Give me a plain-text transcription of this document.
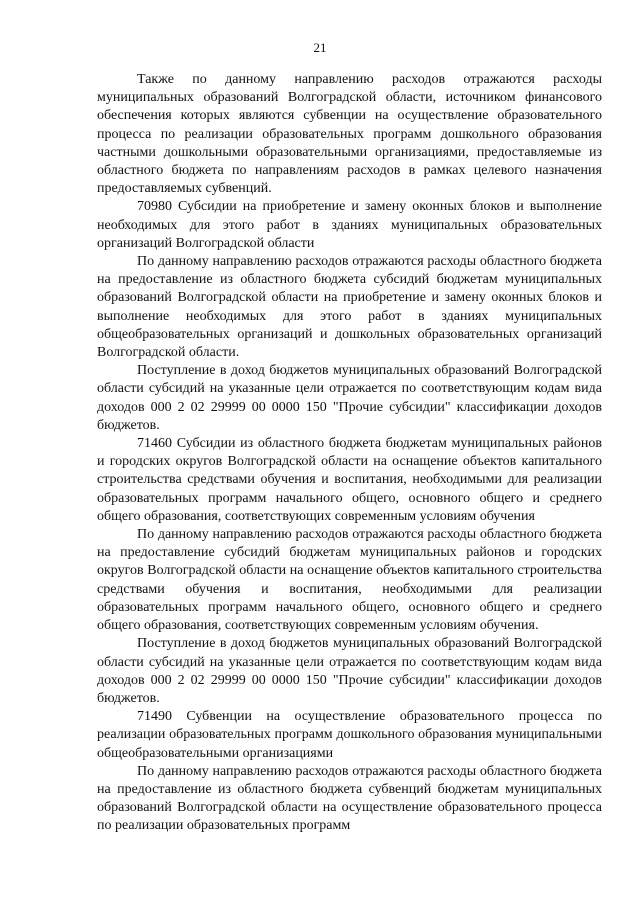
21

Также по данному направлению расходов отражаются расходы муниципальных образований Волгоградской области, источником финансового обеспечения которых являются субвенции на осуществление образовательного процесса по реализации образовательных программ дошкольного образования частными дошкольными образовательными организациями, предоставляемые из областного бюджета по направлениям расходов в рамках целевого назначения предоставляемых субвенций.

70980 Субсидии на приобретение и замену оконных блоков и выполнение необходимых для этого работ в зданиях муниципальных образовательных организаций Волгоградской области

По данному направлению расходов отражаются расходы областного бюджета на предоставление из областного бюджета субсидий бюджетам муниципальных образований Волгоградской области на приобретение и замену оконных блоков и выполнение необходимых для этого работ в зданиях муниципальных общеобразовательных организаций и дошкольных образовательных организаций Волгоградской области.

Поступление в доход бюджетов муниципальных образований Волгоградской области субсидий на указанные цели отражается по соответствующим кодам вида доходов 000 2 02 29999 00 0000 150 "Прочие субсидии" классификации доходов бюджетов.

71460 Субсидии из областного бюджета бюджетам муниципальных районов и городских округов Волгоградской области на оснащение объектов капитального строительства средствами обучения и воспитания, необходимыми для реализации образовательных программ начального общего, основного общего и среднего общего образования, соответствующих современным условиям обучения

По данному направлению расходов отражаются расходы областного бюджета на предоставление субсидий бюджетам муниципальных районов и городских округов Волгоградской области на оснащение объектов капитального строительства средствами обучения и воспитания, необходимыми для реализации образовательных программ начального общего, основного общего и среднего общего образования, соответствующих современным условиям обучения.

Поступление в доход бюджетов муниципальных образований Волгоградской области субсидий на указанные цели отражается по соответствующим кодам вида доходов 000 2 02 29999 00 0000 150 "Прочие субсидии" классификации доходов бюджетов.

71490 Субвенции на осуществление образовательного процесса по реализации образовательных программ дошкольного образования муниципальными общеобразовательными организациями

По данному направлению расходов отражаются расходы областного бюджета на предоставление из областного бюджета субвенций бюджетам муниципальных образований Волгоградской области на осуществление образовательного процесса по реализации образовательных программ
